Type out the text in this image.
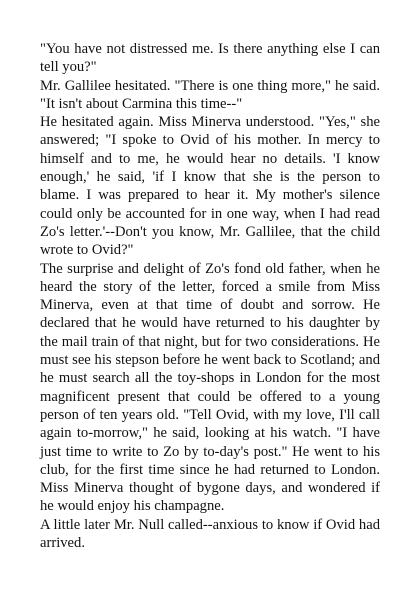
"You have not distressed me. Is there anything else I can tell you?"

Mr. Gallilee hesitated. "There is one thing more," he said. "It isn't about Carmina this time--"

He hesitated again. Miss Minerva understood. "Yes," she answered; "I spoke to Ovid of his mother. In mercy to himself and to me, he would hear no details. 'I know enough,' he said, 'if I know that she is the person to blame. I was prepared to hear it. My mother's silence could only be accounted for in one way, when I had read Zo's letter.'--Don't you know, Mr. Gallilee, that the child wrote to Ovid?"

The surprise and delight of Zo's fond old father, when he heard the story of the letter, forced a smile from Miss Minerva, even at that time of doubt and sorrow. He declared that he would have returned to his daughter by the mail train of that night, but for two considerations. He must see his stepson before he went back to Scotland; and he must search all the toy-shops in London for the most magnificent present that could be offered to a young person of ten years old. "Tell Ovid, with my love, I'll call again to-morrow," he said, looking at his watch. "I have just time to write to Zo by to-day's post." He went to his club, for the first time since he had returned to London. Miss Minerva thought of bygone days, and wondered if he would enjoy his champagne.

A little later Mr. Null called--anxious to know if Ovid had arrived.
